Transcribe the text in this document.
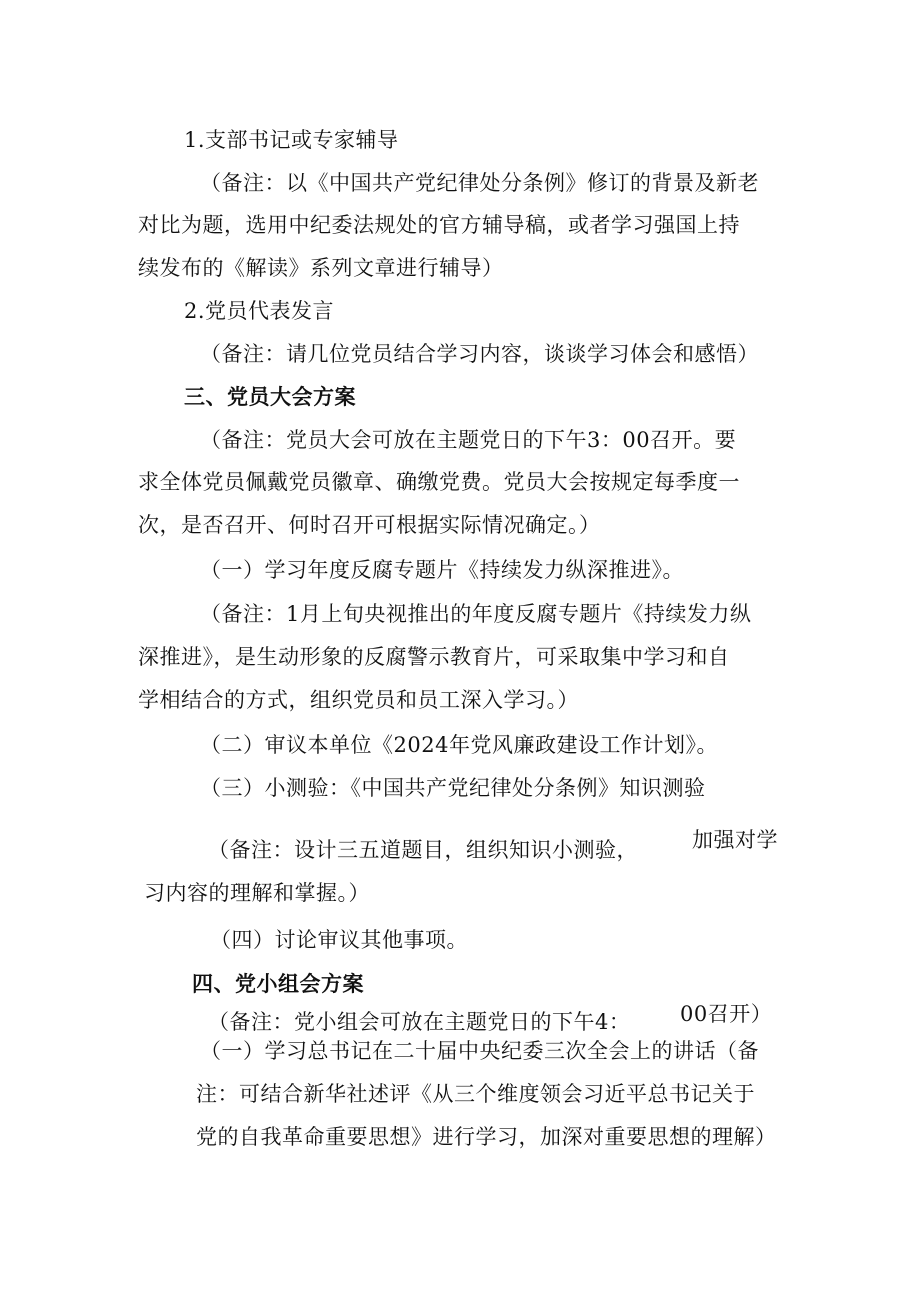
1.支部书记或专家辅导
（备注：以《中国共产党纪律处分条例》修订的背景及新老
对比为题，选用中纪委法规处的官方辅导稿，或者学习强国上持
续发布的《解读》系列文章进行辅导）
2.党员代表发言
（备注：请几位党员结合学习内容，谈谈学习体会和感悟）
三、党员大会方案
（备注：党员大会可放在主题党日的下午3：00召开。要
求全体党员佩戴党员徽章、确缴党费。党员大会按规定每季度一
次，是否召开、何时召开可根据实际情况确定。）
（一）学习年度反腐专题片《持续发力纵深推进》。
（备注：1月上旬央视推出的年度反腐专题片《持续发力纵
深推进》，是生动形象的反腐警示教育片，可采取集中学习和自
学相结合的方式，组织党员和员工深入学习。）
（二）审议本单位《2024年党风廉政建设工作计划》。
（三）小测验：《中国共产党纪律处分条例》知识测验
（备注：设计三五道题目，组织知识小测验，	加强对学
习内容的理解和掌握。）
（四）讨论审议其他事项。
四、党小组会方案
（备注：党小组会可放在主题党日的下午4： 00召开）
（一）学习总书记在二十届中央纪委三次全会上的讲话（备
注：可结合新华社述评《从三个维度领会习近平总书记关于
党的自我革命重要思想》进行学习，加深对重要思想的理解）
